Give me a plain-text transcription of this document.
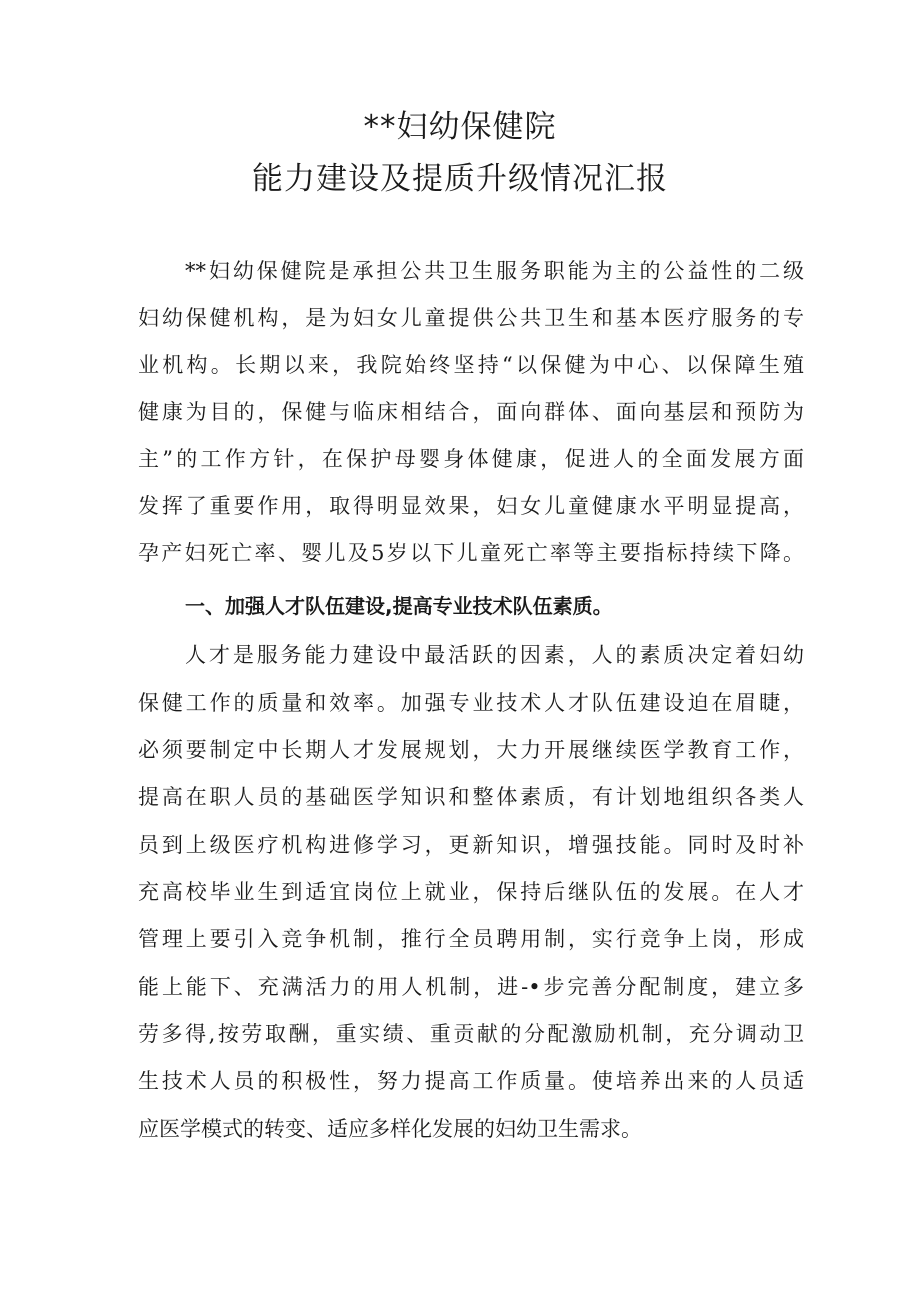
**妇幼保健院
能力建设及提质升级情况汇报

**妇幼保健院是承担公共卫生服务职能为主的公益性的二级

妇幼保健机构，是为妇女儿童提供公共卫生和基本医疗服务的专

业机构。长期以来，我院始终坚持“以保健为中心、以保障生殖

健康为目的，保健与临床相结合，面向群体、面向基层和预防为

主”的工作方针，在保护母婴身体健康，促进人的全面发展方面

发挥了重要作用，取得明显效果，妇女儿童健康水平明显提高，

孕产妇死亡率、婴儿及5岁以下儿童死亡率等主要指标持续下降。

一、加强人才队伍建设,提高专业技术队伍素质。

人才是服务能力建设中最活跃的因素，人的素质决定着妇幼

保健工作的质量和效率。加强专业技术人才队伍建设迫在眉睫，

必须要制定中长期人才发展规划，大力开展继续医学教育工作，

提高在职人员的基础医学知识和整体素质，有计划地组织各类人

员到上级医疗机构进修学习，更新知识，增强技能。同时及时补

充高校毕业生到适宜岗位上就业，保持后继队伍的发展。在人才

管理上要引入竞争机制，推行全员聘用制，实行竞争上岗，形成

能上能下、充满活力的用人机制，进-•步完善分配制度，建立多

劳多得,按劳取酬，重实绩、重贡献的分配激励机制，充分调动卫

生技术人员的积极性，努力提高工作质量。使培养出来的人员适

应医学模式的转变、适应多样化发展的妇幼卫生需求。
